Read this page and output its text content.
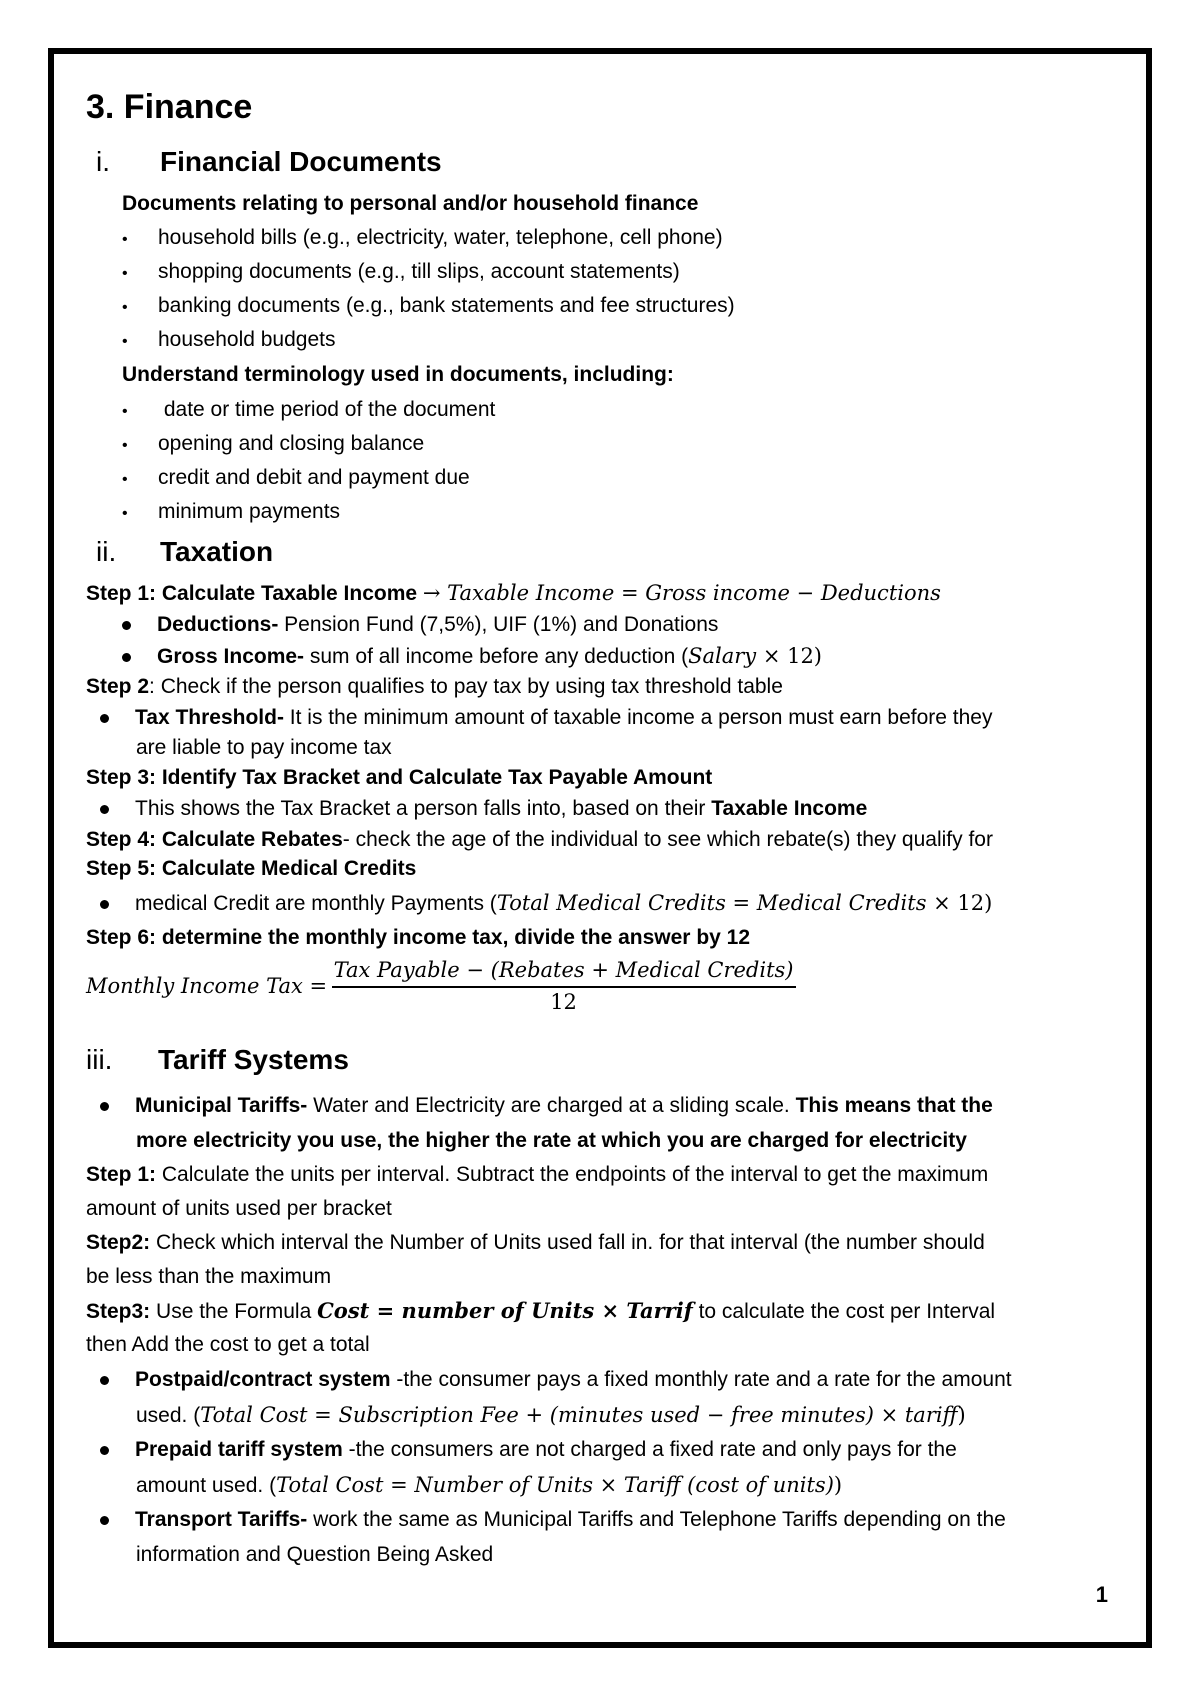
3. Finance
i. Financial Documents
Documents relating to personal and/or household finance
• household bills (e.g., electricity, water, telephone, cell phone)
• shopping documents (e.g., till slips, account statements)
• banking documents (e.g., bank statements and fee structures)
• household budgets
Understand terminology used in documents, including:
• date or time period of the document
• opening and closing balance
• credit and debit and payment due
• minimum payments
ii. Taxation
Step 1: Calculate Taxable Income → Taxable Income = Gross income − Deductions
Deductions- Pension Fund (7,5%), UIF (1%) and Donations
Gross Income- sum of all income before any deduction (Salary × 12)
Step 2: Check if the person qualifies to pay tax by using tax threshold table
Tax Threshold- It is the minimum amount of taxable income a person must earn before they
are liable to pay income tax
Step 3: Identify Tax Bracket and Calculate Tax Payable Amount
This shows the Tax Bracket a person falls into, based on their Taxable Income
Step 4: Calculate Rebates- check the age of the individual to see which rebate(s) they qualify for
Step 5: Calculate Medical Credits
medical Credit are monthly Payments (Total Medical Credits = Medical Credits × 12)
Step 6: determine the monthly income tax, divide the answer by 12
Monthly Income Tax = $\frac{\text{Tax Payable − (Rebates + Medical Credits)}}{12}$
iii. Tariff Systems
Municipal Tariffs- Water and Electricity are charged at a sliding scale. This means that the
more electricity you use, the higher the rate at which you are charged for electricity
Step 1: Calculate the units per interval. Subtract the endpoints of the interval to get the maximum
amount of units used per bracket
Step2: Check which interval the Number of Units used fall in. for that interval (the number should
be less than the maximum
Step3: Use the Formula Cost = number of Units × Tarrif to calculate the cost per Interval
then Add the cost to get a total
Postpaid/contract system -the consumer pays a fixed monthly rate and a rate for the amount
used. (Total Cost = Subscription Fee + (minutes used − free minutes) × tariff)
Prepaid tariff system -the consumers are not charged a fixed rate and only pays for the
amount used. (Total Cost = Number of Units × Tariff (cost of units))
Transport Tariffs- work the same as Municipal Tariffs and Telephone Tariffs depending on the
information and Question Being Asked
1
